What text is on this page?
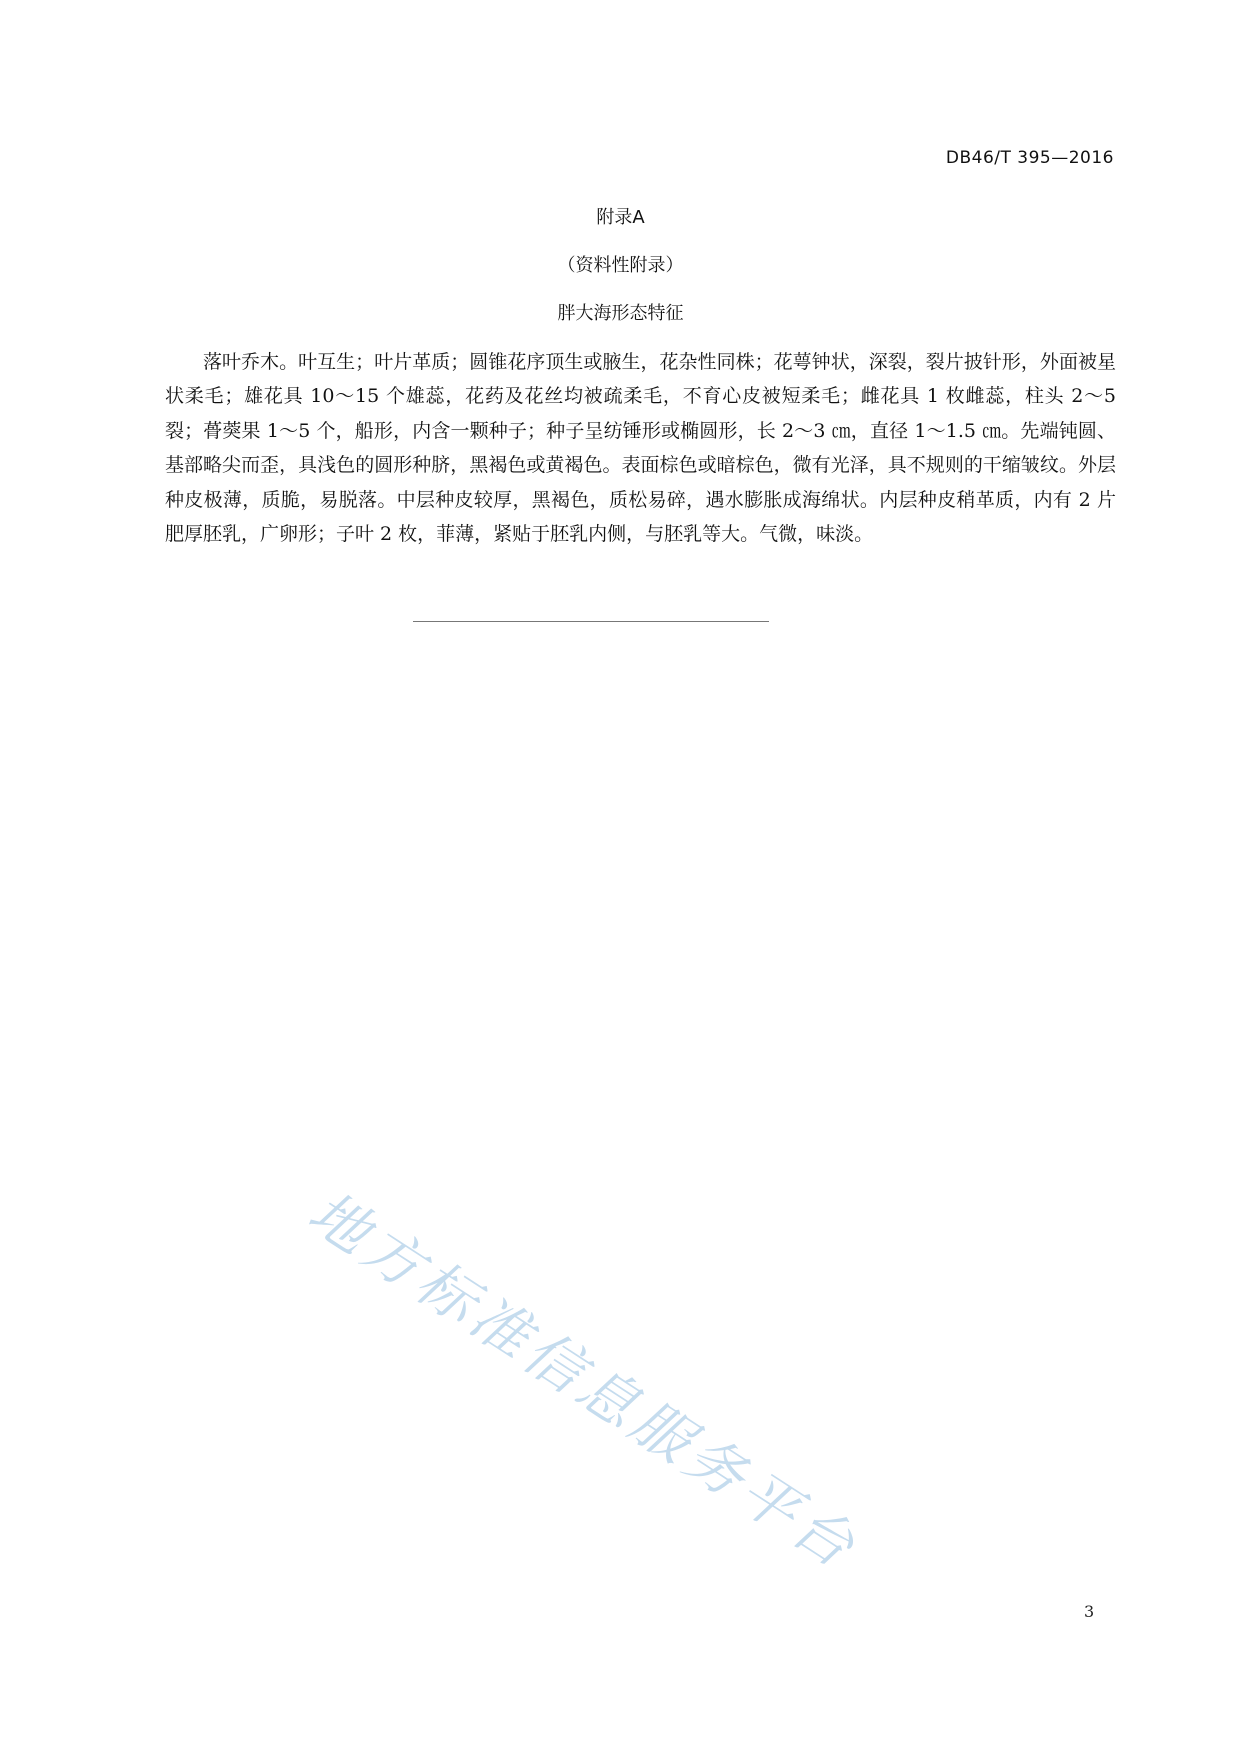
DB46/T 395—2016
附录A
（资料性附录）
胖大海形态特征

落叶乔木。叶互生；叶片革质；圆锥花序顶生或腋生，花杂性同株；花萼钟状，深裂，裂片披针形，外面被星状柔毛；雄花具 10～15 个雄蕊，花药及花丝均被疏柔毛，不育心皮被短柔毛；雌花具 1 枚雌蕊，柱头 2～5 裂；蓇葖果 1～5 个，船形，内含一颗种子；种子呈纺锤形或椭圆形，长 2～3 ㎝，直径 1～1.5 ㎝。先端钝圆、基部略尖而歪，具浅色的圆形种脐，黑褐色或黄褐色。表面棕色或暗棕色，微有光泽，具不规则的干缩皱纹。外层种皮极薄，质脆，易脱落。中层种皮较厚，黑褐色，质松易碎，遇水膨胀成海绵状。内层种皮稍革质，内有 2 片肥厚胚乳，广卵形；子叶 2 枚，菲薄，紧贴于胚乳内侧，与胚乳等大。气微，味淡。

地方标准信息服务平台
3
